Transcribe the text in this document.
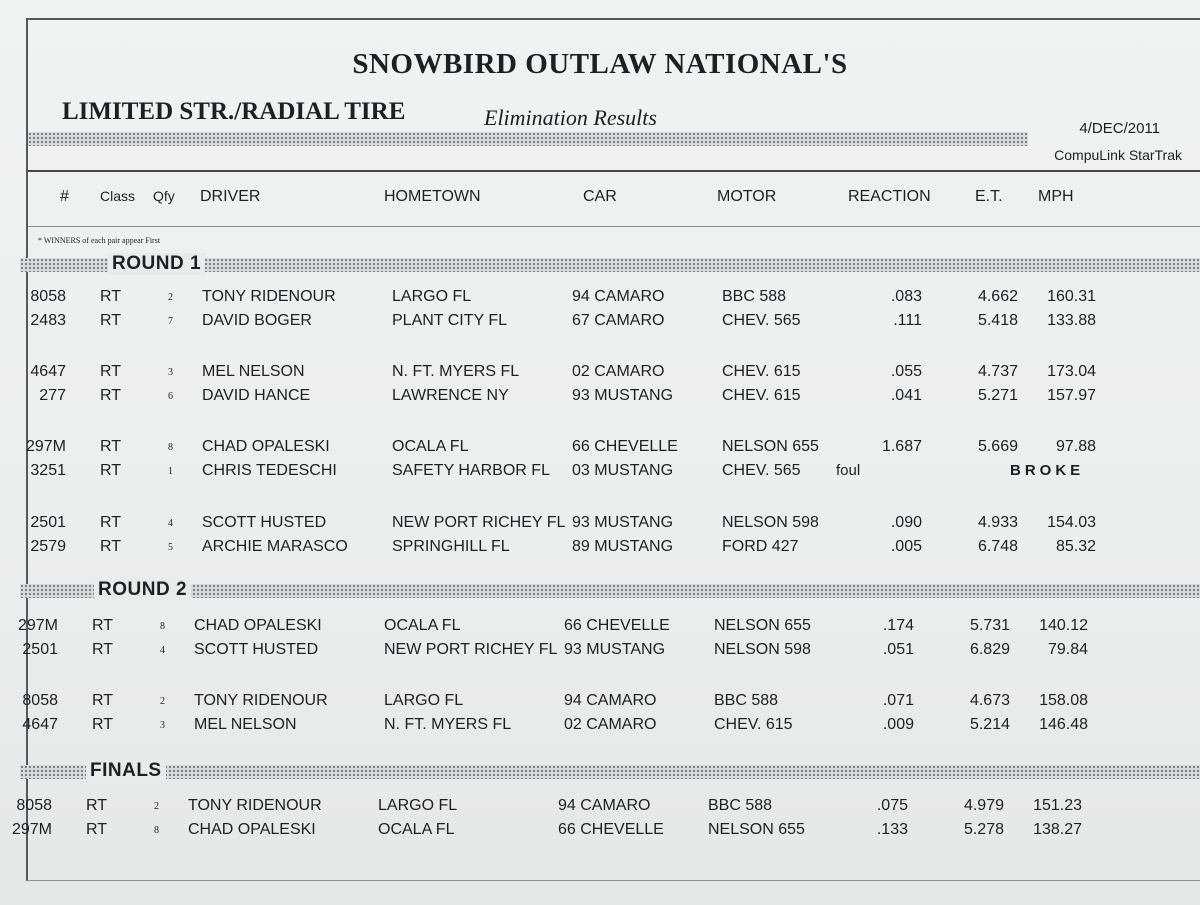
SNOWBIRD OUTLAW NATIONAL'S
LIMITED STR./RADIAL TIRE	Elimination Results	4/DEC/2011
CompuLink StarTrak
# Class Qfy DRIVER	HOMETOWN	CAR	MOTOR	REACTION	E.T. MPH
* WINNERS of each pair appear First
ROUND 1
8058 RT	2 TONY RIDENOUR	LARGO FL	94 CAMARO	BBC 588	.083	4.662	160.31
2483 RT	7 DAVID BOGER	PLANT CITY FL	67 CAMARO	CHEV. 565	.111	5.418	133.88
4647 RT	3 MEL NELSON	N. FT. MYERS FL	02 CAMARO	CHEV. 615	.055	4.737	173.04
277 RT	6 DAVID HANCE	LAWRENCE NY	93 MUSTANG	CHEV. 615	.041	5.271	157.97
297M RT	8 CHAD OPALESKI	OCALA FL	66 CHEVELLE	NELSON 655	1.687	5.669	97.88
3251 RT	1 CHRIS TEDESCHI	SAFETY HARBOR FL 03 MUSTANG	CHEV. 565 foul	BROKE
2501 RT	4 SCOTT HUSTED	NEW PORT RICHEY FL 93 MUSTANG	NELSON 598	.090	4.933	154.03
2579 RT	5 ARCHIE MARASCO	SPRINGHILL FL	89 MUSTANG	FORD 427	.005	6.748	85.32
ROUND 2
297M RT	8 CHAD OPALESKI	OCALA FL	66 CHEVELLE	NELSON 655	.174	5.731	140.12
2501 RT	4 SCOTT HUSTED	NEW PORT RICHEY FL 93 MUSTANG	NELSON 598	.051	6.829	79.84
8058 RT	2 TONY RIDENOUR	LARGO FL	94 CAMARO	BBC 588	.071	4.673	158.08
4647 RT	3 MEL NELSON	N. FT. MYERS FL	02 CAMARO	CHEV. 615	.009	5.214	146.48
FINALS
8058 RT	2 TONY RIDENOUR	LARGO FL	94 CAMARO	BBC 588	.075	4.979	151.23
297M RT	8 CHAD OPALESKI	OCALA FL	66 CHEVELLE	NELSON 655	.133	5.278	138.27
